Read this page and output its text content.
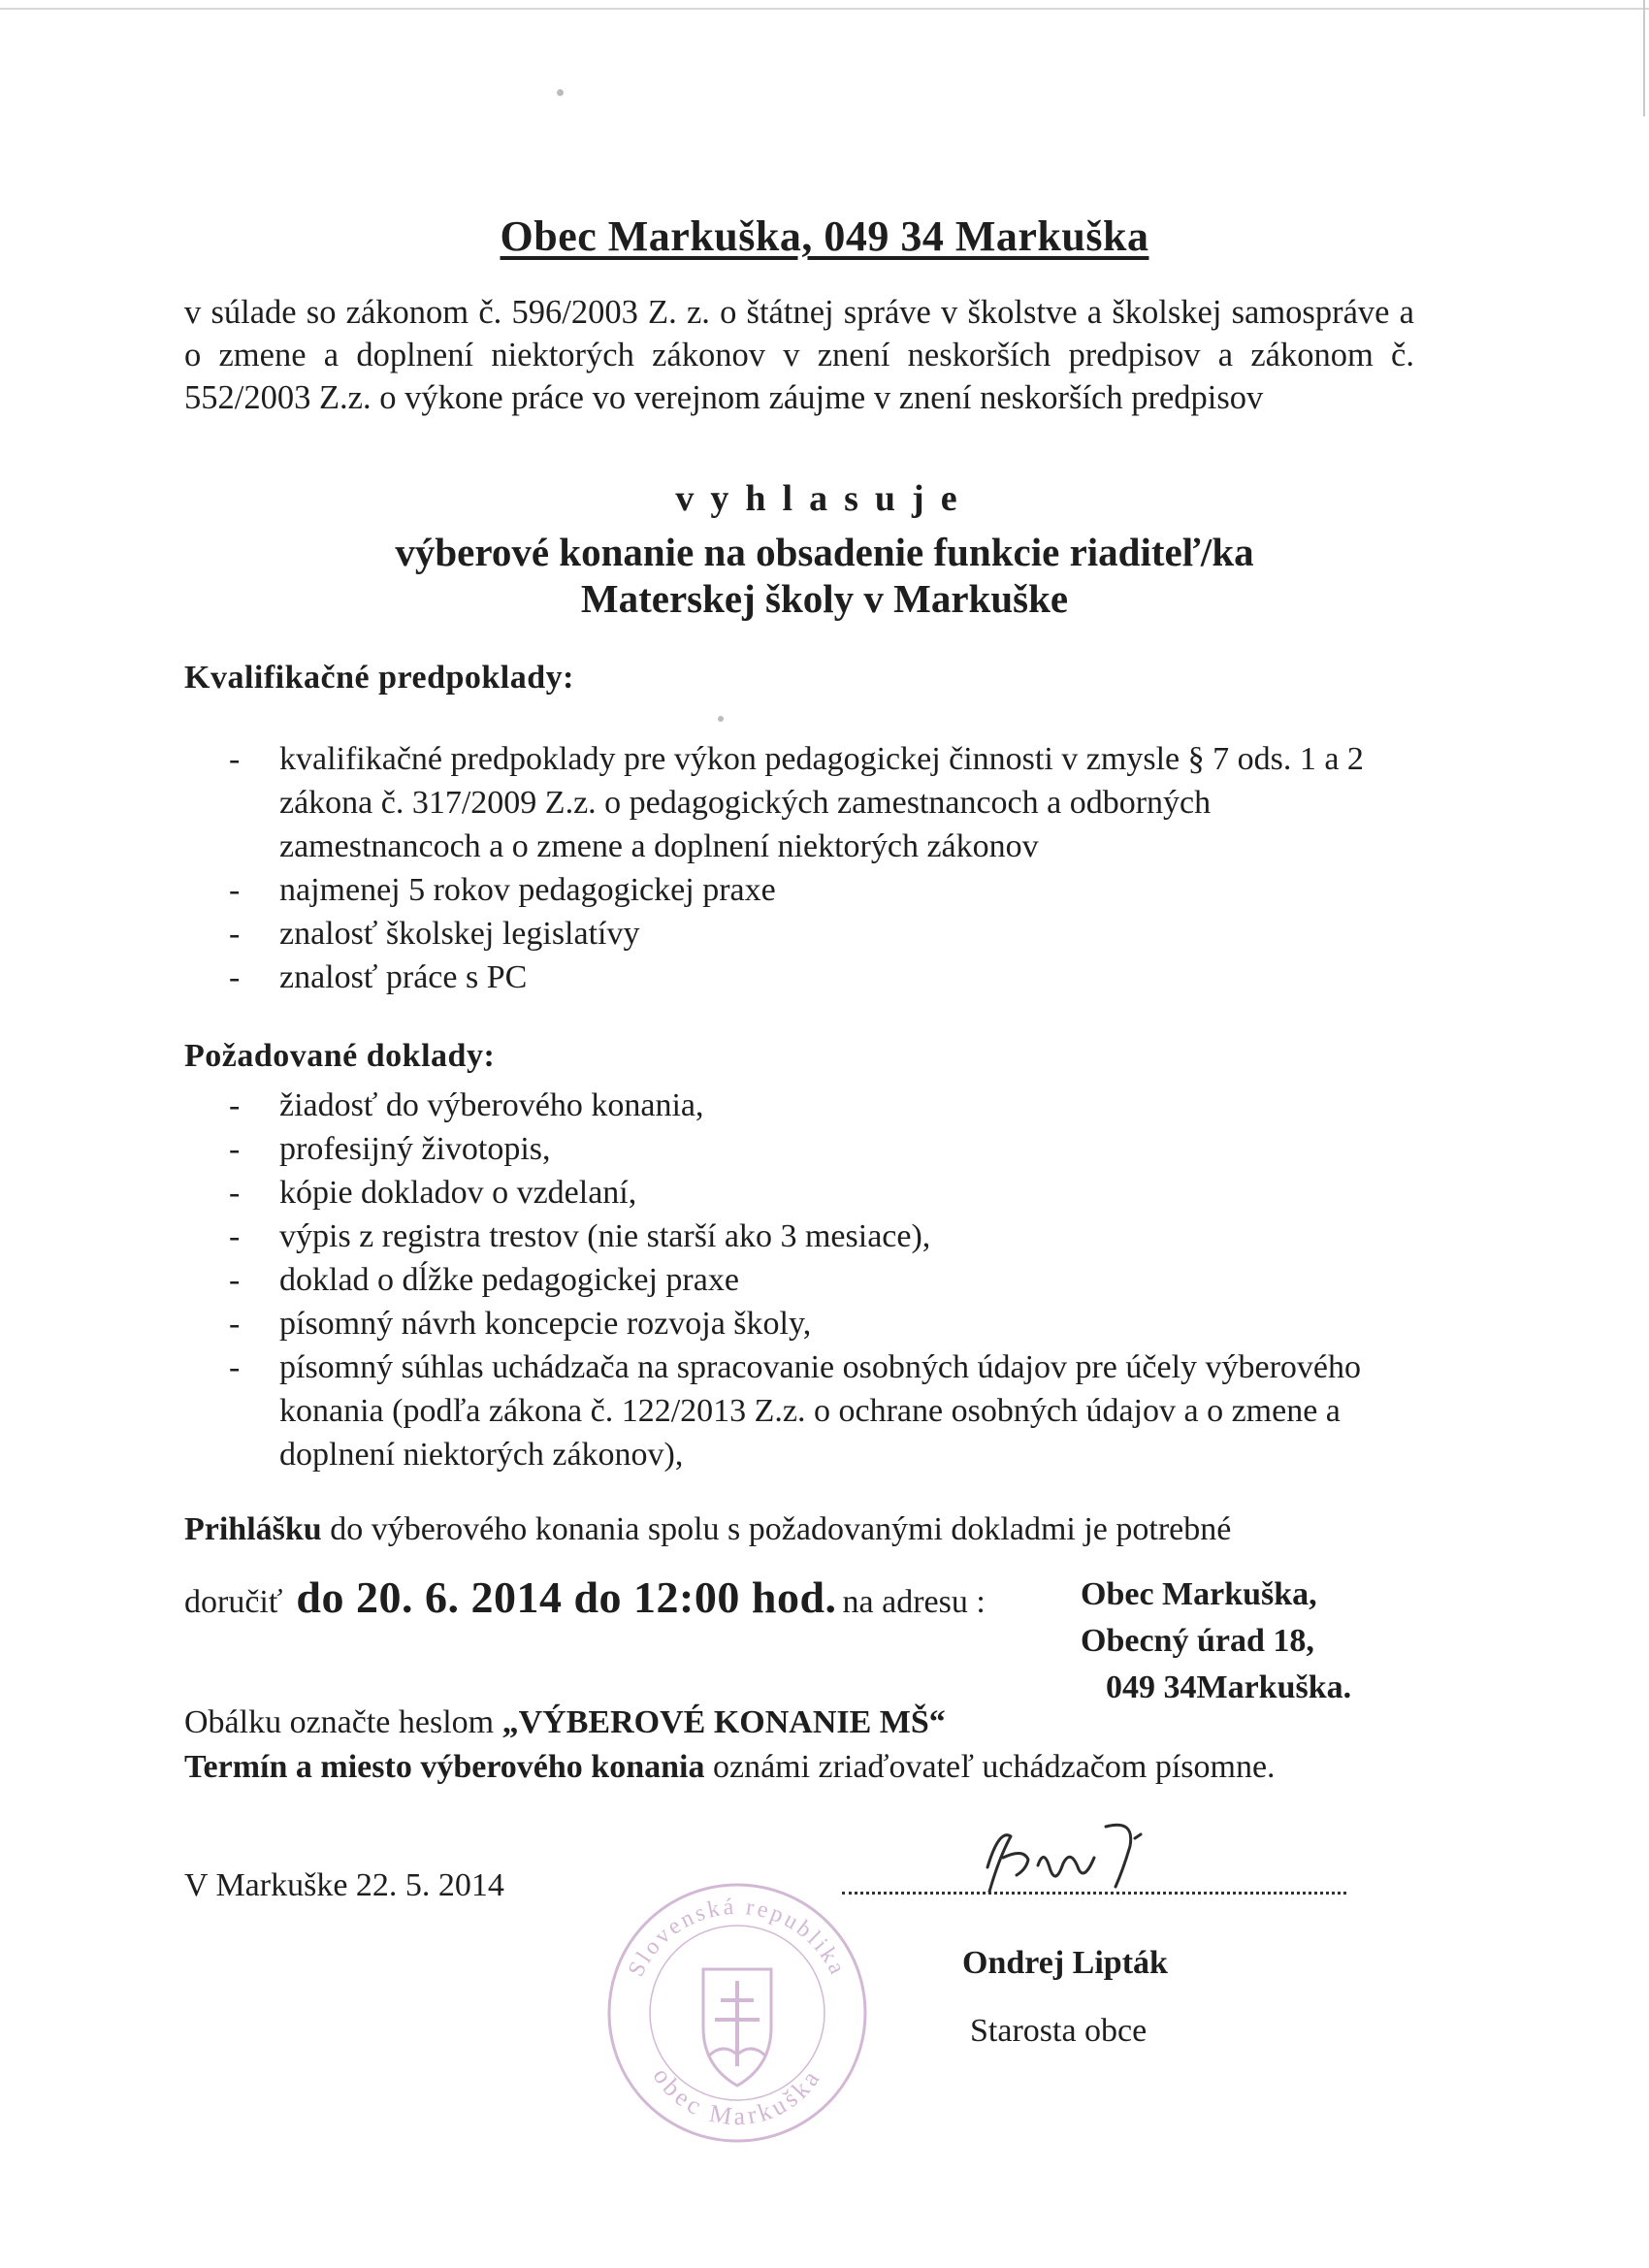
Obec Markuška, 049 34 Markuška

v súlade so zákonom č. 596/2003 Z. z. o štátnej správe v školstve a školskej samospráve a o zmene a doplnení niektorých zákonov v znení neskorších predpisov a zákonom č. 552/2003 Z.z. o výkone práce vo verejnom záujme v znení neskorších predpisov

vyhlasuje
výberové konanie na obsadenie funkcie riaditeľ/ka
Materskej školy v Markuške
Kvalifikačné predpoklady:
- kvalifikačné predpoklady pre výkon pedagogickej činnosti v zmysle § 7 ods. 1 a 2 zákona č. 317/2009 Z.z. o pedagogických zamestnancoch a odborných zamestnancoch a o zmene a doplnení niektorých zákonov
- najmenej 5 rokov pedagogickej praxe
- znalosť školskej legislatívy
- znalosť práce s PC
Požadované doklady:
- žiadosť do výberového konania,
- profesijný životopis,
- kópie dokladov o vzdelaní,
- výpis z registra trestov (nie starší ako 3 mesiace),
- doklad o dĺžke pedagogickej praxe
- písomný návrh koncepcie rozvoja školy,
- písomný súhlas uchádzača na spracovanie osobných údajov pre účely výberového konania (podľa zákona č. 122/2013 Z.z. o ochrane osobných údajov a o zmene a doplnení niektorých zákonov),
Prihlášku do výberového konania spolu s požadovanými dokladmi je potrebné
doručiť do 20. 6. 2014 do 12:00 hod. na adresu :	Obec Markuška,
Obecný úrad 18,
049 34Markuška.
Obálku označte heslom „VÝBEROVÉ KONANIE MŠ“
Termín a miesto výberového konania oznámi zriaďovateľ uchádzačom písomne.
V Markuške 22. 5. 2014
Slovenská republika
obec Markuška
Ondrej Lipták
Starosta obce
